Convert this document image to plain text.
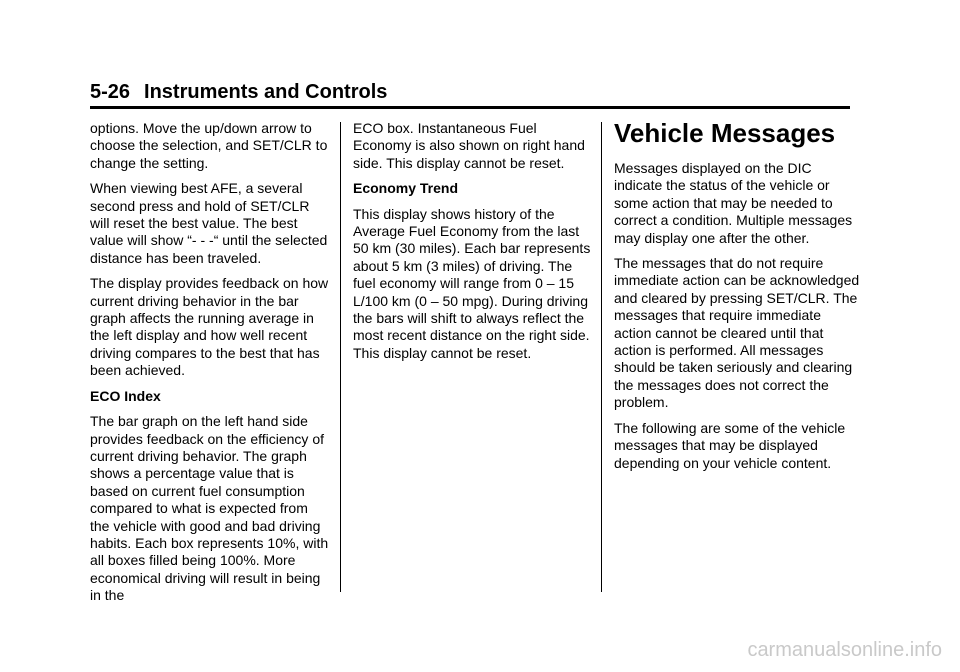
5-26 Instruments and Controls

options. Move the up/down arrow to choose the selection, and SET/CLR to change the setting.

When viewing best AFE, a several second press and hold of SET/CLR will reset the best value. The best value will show “- - -“ until the selected distance has been traveled.

The display provides feedback on how current driving behavior in the bar graph affects the running average in the left display and how well recent driving compares to the best that has been achieved.

ECO Index

The bar graph on the left hand side provides feedback on the efficiency of current driving behavior. The graph shows a percentage value that is based on current fuel consumption compared to what is expected from the vehicle with good and bad driving habits. Each box represents 10%, with all boxes filled being 100%. More economical driving will result in being in the

ECO box. Instantaneous Fuel Economy is also shown on right hand side. This display cannot be reset.

Economy Trend

This display shows history of the Average Fuel Economy from the last 50 km (30 miles). Each bar represents about 5 km (3 miles) of driving. The fuel economy will range from 0 – 15 L/100 km (0 – 50 mpg). During driving the bars will shift to always reflect the most recent distance on the right side. This display cannot be reset.

Vehicle Messages

Messages displayed on the DIC indicate the status of the vehicle or some action that may be needed to correct a condition. Multiple messages may display one after the other.

The messages that do not require immediate action can be acknowledged and cleared by pressing SET/CLR. The messages that require immediate action cannot be cleared until that action is performed. All messages should be taken seriously and clearing the messages does not correct the problem.

The following are some of the vehicle messages that may be displayed depending on your vehicle content.

carmanualsonline.info
